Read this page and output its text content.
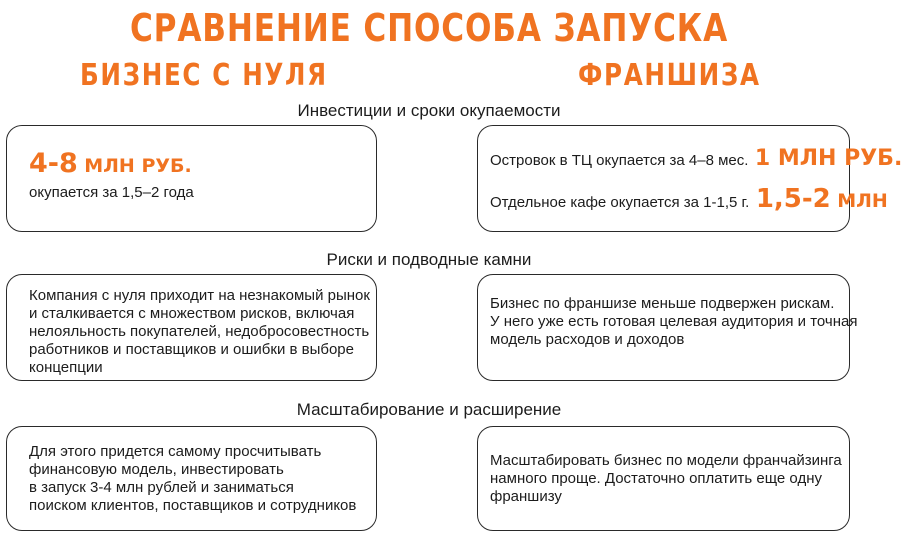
СРАВНЕНИЕ СПОСОБА ЗАПУСКА
БИЗНЕС С НУЛЯ	ФРАНШИЗА
Инвестиции и сроки окупаемости
4-8 МЛН РУБ.
окупается за 1,5–2 года
Островок в ТЦ окупается за 4–8 мес. 1 МЛН РУБ.
Отдельное кафе окупается за 1-1,5 г. 1,5-2 МЛН
Риски и подводные камни
Компания с нуля приходит на незнакомый рынок
и сталкивается с множеством рисков, включая
нелояльность покупателей, недобросовестность
работников и поставщиков и ошибки в выборе
концепции
Бизнес по франшизе меньше подвержен рискам.
У него уже есть готовая целевая аудитория и точная
модель расходов и доходов
Масштабирование и расширение
Для этого придется самому просчитывать
финансовую модель, инвестировать
в запуск 3-4 млн рублей и заниматься
поиском клиентов, поставщиков и сотрудников
Масштабировать бизнес по модели франчайзинга
намного проще. Достаточно оплатить еще одну
франшизу
